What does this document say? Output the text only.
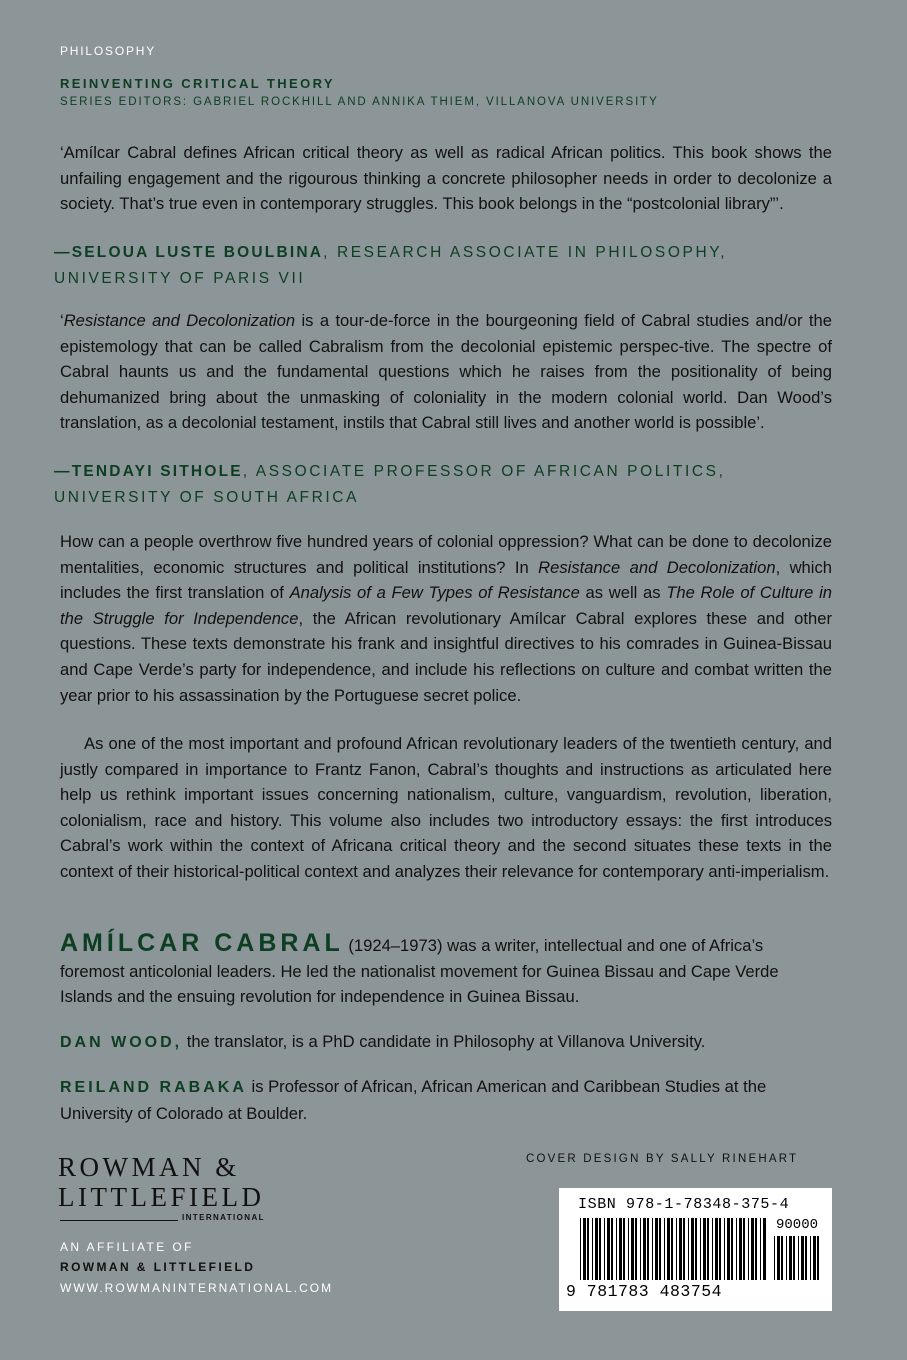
PHILOSOPHY
REINVENTING CRITICAL THEORY
SERIES EDITORS: GABRIEL ROCKHILL AND ANNIKA THIEM, VILLANOVA UNIVERSITY
‘Amílcar Cabral defines African critical theory as well as radical African politics. This book shows the unfailing engagement and the rigourous thinking a concrete philosopher needs in order to decolonize a society. That’s true even in contemporary struggles. This book belongs in the “postcolonial library”’.
—SELOUA LUSTE BOULBINA, RESEARCH ASSOCIATE IN PHILOSOPHY, UNIVERSITY OF PARIS VII
‘Resistance and Decolonization is a tour-de-force in the bourgeoning field of Cabral studies and/or the epistemology that can be called Cabralism from the decolonial epistemic perspec-tive. The spectre of Cabral haunts us and the fundamental questions which he raises from the positionality of being dehumanized bring about the unmasking of coloniality in the modern colonial world. Dan Wood’s translation, as a decolonial testament, instils that Cabral still lives and another world is possible’.
—TENDAYI SITHOLE, ASSOCIATE PROFESSOR OF AFRICAN POLITICS, UNIVERSITY OF SOUTH AFRICA
How can a people overthrow five hundred years of colonial oppression? What can be done to decolonize mentalities, economic structures and political institutions? In Resistance and Decolonization, which includes the first translation of Analysis of a Few Types of Resistance as well as The Role of Culture in the Struggle for Independence, the African revolutionary Amílcar Cabral explores these and other questions. These texts demonstrate his frank and insightful directives to his comrades in Guinea-Bissau and Cape Verde’s party for independence, and include his reflections on culture and combat written the year prior to his assassination by the Portuguese secret police.
As one of the most important and profound African revolutionary leaders of the twentieth century, and justly compared in importance to Frantz Fanon, Cabral’s thoughts and instructions as articulated here help us rethink important issues concerning nationalism, culture, vanguardism, revolution, liberation, colonialism, race and history. This volume also includes two introductory essays: the first introduces Cabral’s work within the context of Africana critical theory and the second situates these texts in the context of their historical-political context and analyzes their relevance for contemporary anti-imperialism.
AMÍLCAR CABRAL (1924–1973) was a writer, intellectual and one of Africa’s foremost anticolonial leaders. He led the nationalist movement for Guinea Bissau and Cape Verde Islands and the ensuing revolution for independence in Guinea Bissau.
DAN WOOD, the translator, is a PhD candidate in Philosophy at Villanova University.
REILAND RABAKA is Professor of African, African American and Caribbean Studies at the University of Colorado at Boulder.
COVER DESIGN BY SALLY RINEHART
ROWMAN &
LITTLEFIELD
INTERNATIONAL
AN AFFILIATE OF
ROWMAN & LITTLEFIELD
WWW.ROWMANINTERNATIONAL.COM
ISBN 978-1-78348-375-4
90000
9 781783 483754
